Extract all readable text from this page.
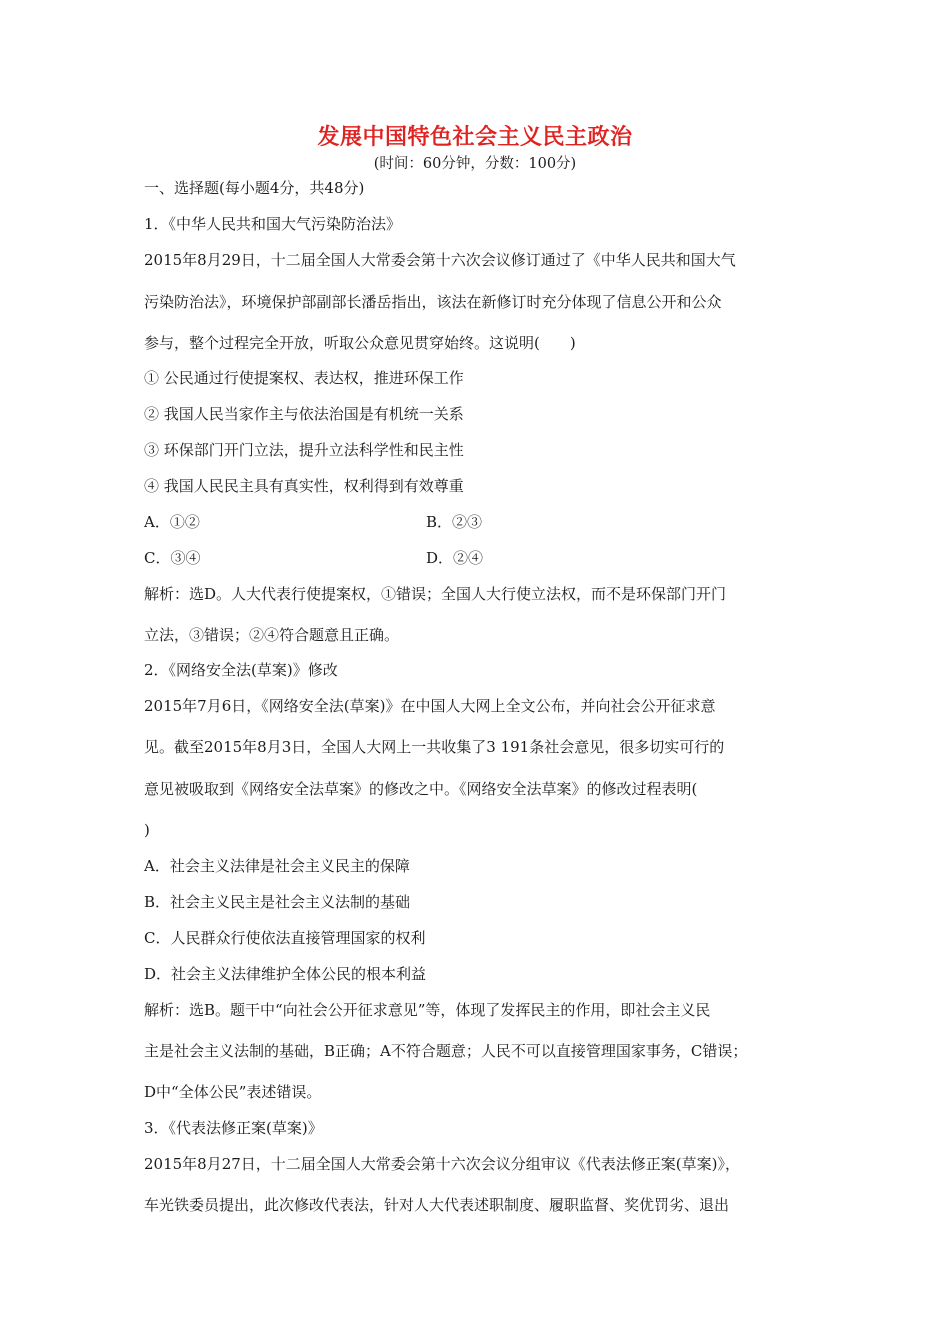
发展中国特色社会主义民主政治
(时间：60分钟，分数：100分)
一、选择题(每小题4分，共48分)
1．《中华人民共和国大气污染防治法》
2015年8月29日，十二届全国人大常委会第十六次会议修订通过了《中华人民共和国大气
污染防治法》，环境保护部副部长潘岳指出，该法在新修订时充分体现了信息公开和公众
参与，整个过程完全开放，听取公众意见贯穿始终。这说明(　　)
① 公民通过行使提案权、表达权，推进环保工作
② 我国人民当家作主与依法治国是有机统一关系
③ 环保部门开门立法，提升立法科学性和民主性
④ 我国人民民主具有真实性，权利得到有效尊重
A．①②	B．②③
C．③④	D．②④
解析：选D。人大代表行使提案权，①错误；全国人大行使立法权，而不是环保部门开门
立法，③错误；②④符合题意且正确。
2．《网络安全法(草案)》修改
2015年7月6日，《网络安全法(草案)》在中国人大网上全文公布，并向社会公开征求意
见。截至2015年8月3日，全国人大网上一共收集了3 191条社会意见，很多切实可行的
意见被吸取到《网络安全法草案》的修改之中。《网络安全法草案》的修改过程表明(
)
A．社会主义法律是社会主义民主的保障
B．社会主义民主是社会主义法制的基础
C．人民群众行使依法直接管理国家的权利
D．社会主义法律维护全体公民的根本利益
解析：选B。题干中“向社会公开征求意见”等，体现了发挥民主的作用，即社会主义民
主是社会主义法制的基础，B正确；A不符合题意；人民不可以直接管理国家事务，C错误；
D中“全体公民”表述错误。
3．《代表法修正案(草案)》
2015年8月27日，十二届全国人大常委会第十六次会议分组审议《代表法修正案(草案)》，
车光铁委员提出，此次修改代表法，针对人大代表述职制度、履职监督、奖优罚劣、退出
